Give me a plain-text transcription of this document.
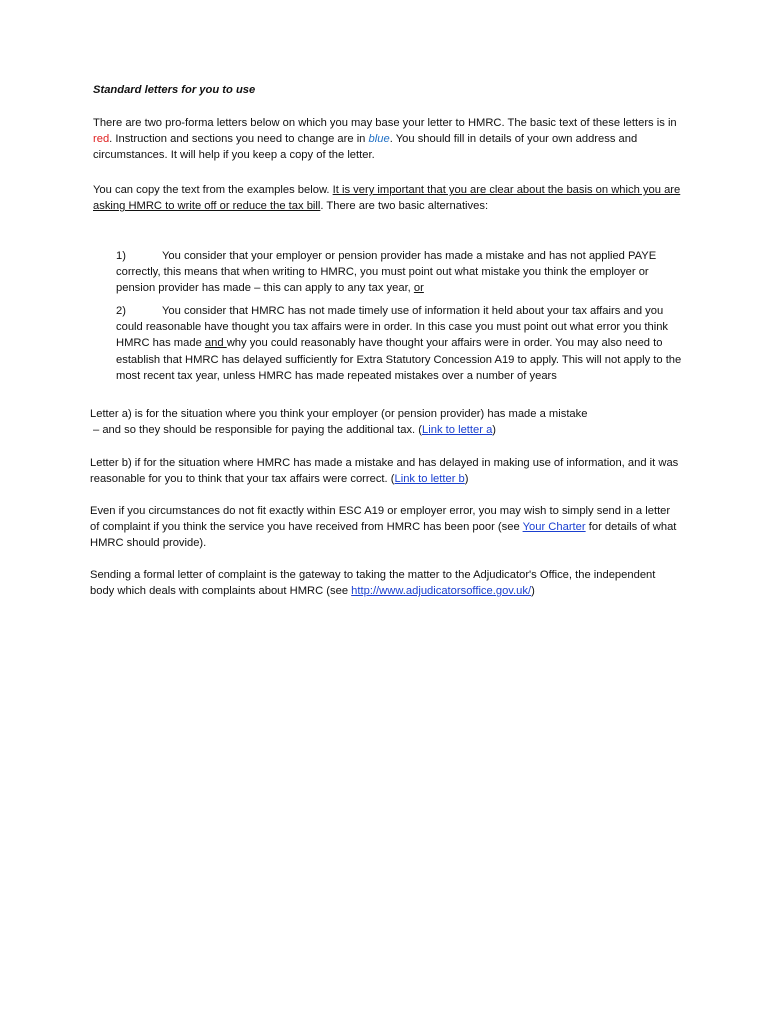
Standard letters for you to use
There are two pro-forma letters below on which you may base your letter to HMRC. The basic text of these letters is in red. Instruction and sections you need to change are in blue. You should fill in details of your own address and circumstances. It will help if you keep a copy of the letter.
You can copy the text from the examples below. It is very important that you are clear about the basis on which you are asking HMRC to write off or reduce the tax bill. There are two basic alternatives:
1)	You consider that your employer or pension provider has made a mistake and has not applied PAYE correctly, this means that when writing to HMRC, you must point out what mistake you think the employer or pension provider has made – this can apply to any tax year, or
2)	You consider that HMRC has not made timely use of information it held about your tax affairs and you could reasonable have thought you tax affairs were in order. In this case you must point out what error you think HMRC has made and why you could reasonably have thought your affairs were in order. You may also need to establish that HMRC has delayed sufficiently for Extra Statutory Concession A19 to apply. This will not apply to the most recent tax year, unless HMRC has made repeated mistakes over a number of years
Letter a) is for the situation where you think your employer (or pension provider) has made a mistake
– and so they should be responsible for paying the additional tax. (Link to letter a)
Letter b) if for the situation where HMRC has made a mistake and has delayed in making use of information, and it was reasonable for you to think that your tax affairs were correct. (Link to letter b)
Even if you circumstances do not fit exactly within ESC A19 or employer error, you may wish to simply send in a letter of complaint if you think the service you have received from HMRC has been poor (see Your Charter for details of what HMRC should provide).
Sending a formal letter of complaint is the gateway to taking the matter to the Adjudicator's Office, the independent body which deals with complaints about HMRC (see http://www.adjudicatorsoffice.gov.uk/)
